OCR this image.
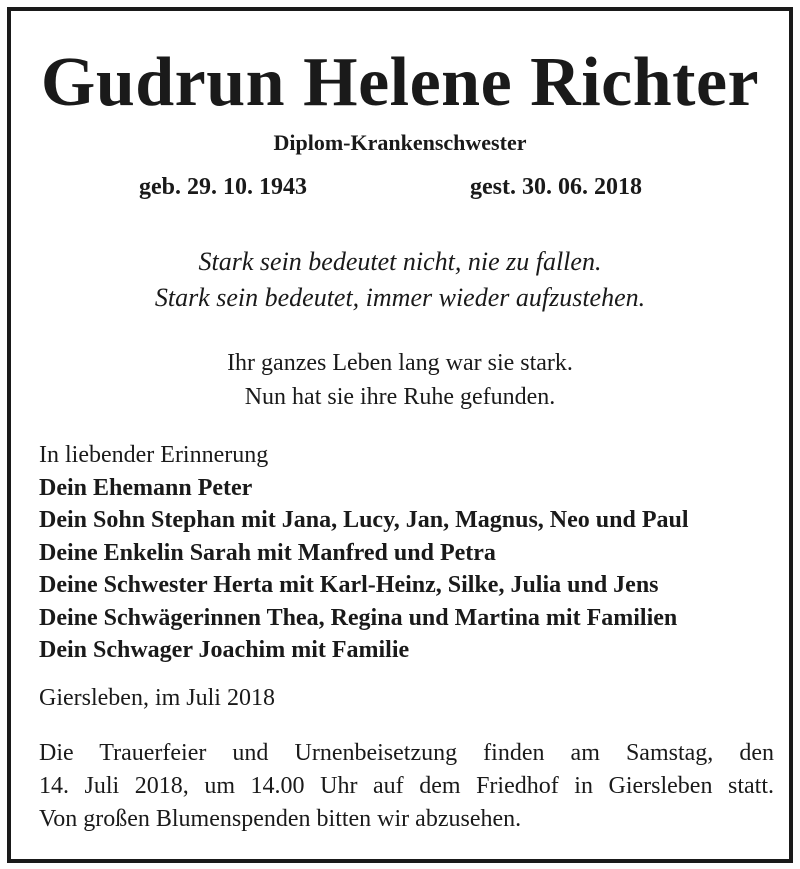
Gudrun Helene Richter
Diplom-Krankenschwester
geb. 29. 10. 1943	gest. 30. 06. 2018
Stark sein bedeutet nicht, nie zu fallen.
Stark sein bedeutet, immer wieder aufzustehen.
Ihr ganzes Leben lang war sie stark.
Nun hat sie ihre Ruhe gefunden.
In liebender Erinnerung
Dein Ehemann Peter
Dein Sohn Stephan mit Jana, Lucy, Jan, Magnus, Neo und Paul
Deine Enkelin Sarah mit Manfred und Petra
Deine Schwester Herta mit Karl-Heinz, Silke, Julia und Jens
Deine Schwägerinnen Thea, Regina und Martina mit Familien
Dein Schwager Joachim mit Familie
Giersleben, im Juli 2018
Die Trauerfeier und Urnenbeisetzung finden am Samstag, den
14. Juli 2018, um 14.00 Uhr auf dem Friedhof in Giersleben statt.
Von großen Blumenspenden bitten wir abzusehen.
